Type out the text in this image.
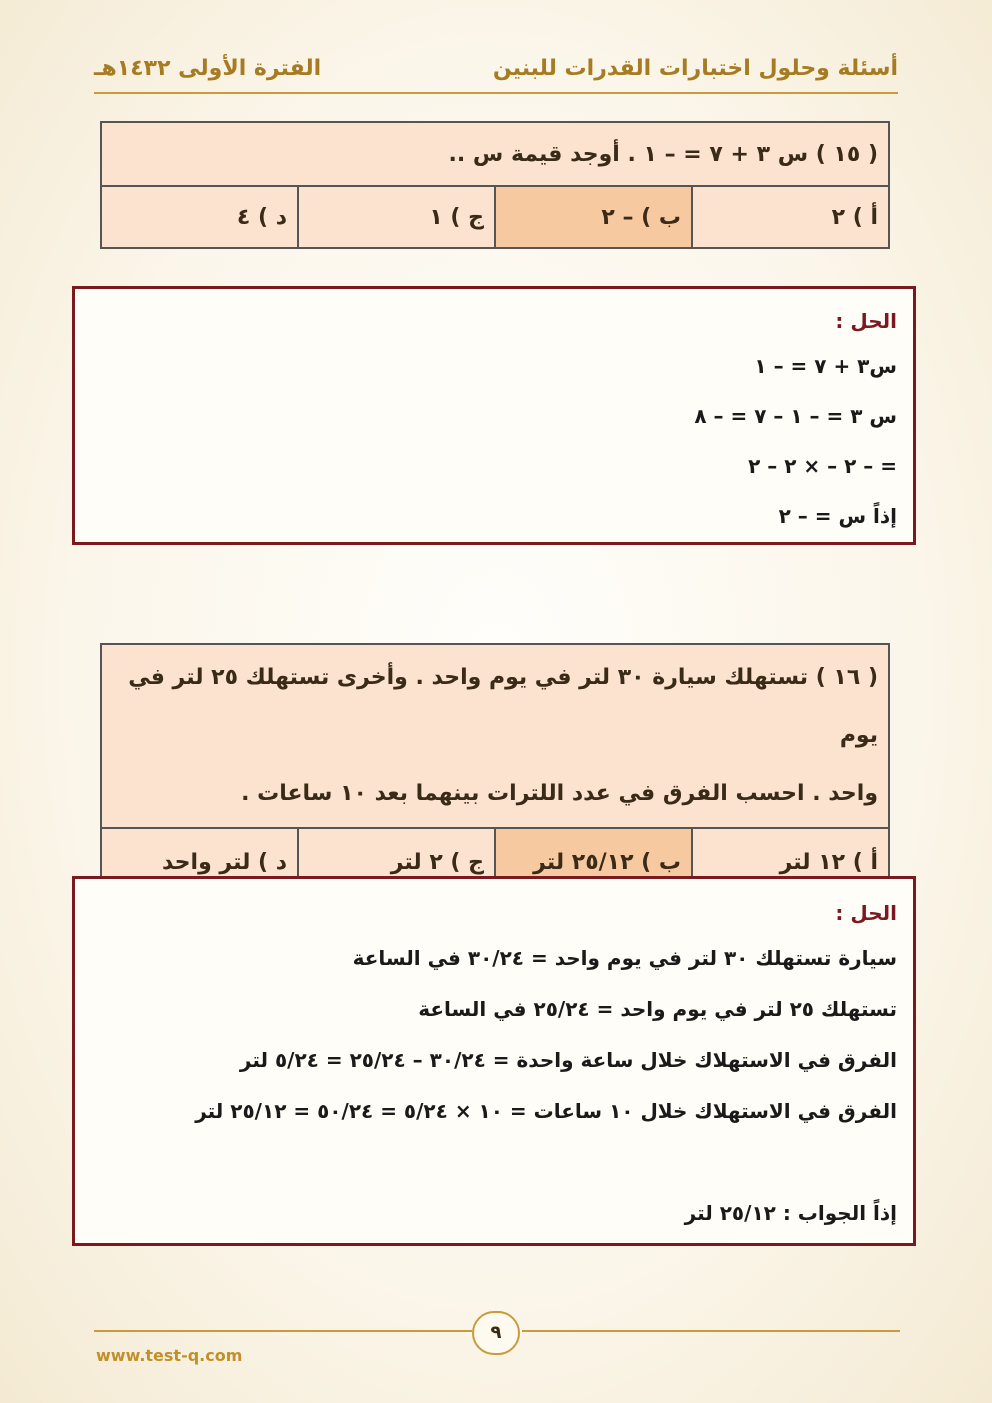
أسئلة وحلول اختبارات القدرات للبنين
الفترة الأولى ١٤٣٢هـ
( ١٥ ) س ٣ + ٧ = – ١ . أوجد قيمة س ..
أ ) ٢	ب ) – ٢	ج ) ١	د ) ٤
الحل :
س٣ + ٧ = – ١
س ٣ = – ١ – ٧ = – ٨
= – ٢ – × ٢ – ٢
إذاً س = – ٢
( ١٦ ) تستهلك سيارة ٣٠ لتر في يوم واحد . وأخرى تستهلك ٢٥ لتر في يوم
واحد . احسب الفرق في عدد اللترات بينهما بعد ١٠ ساعات .

أ ) ١٢ لتر	ب ) ٢٥/١٢ لتر	ج ) ٢ لتر	د ) لتر واحد
الحل :
سيارة تستهلك ٣٠ لتر في يوم واحد = ٣٠/٢٤ في الساعة
تستهلك ٢٥ لتر في يوم واحد = ٢٥/٢٤ في الساعة
الفرق في الاستهلاك خلال ساعة واحدة = ٣٠/٢٤ – ٢٥/٢٤ = ٥/٢٤ لتر
الفرق في الاستهلاك خلال ١٠ ساعات = ١٠ × ٥/٢٤ = ٥٠/٢٤ = ٢٥/١٢ لتر
إذاً الجواب : ٢٥/١٢ لتر
٩
www.test-q.com
